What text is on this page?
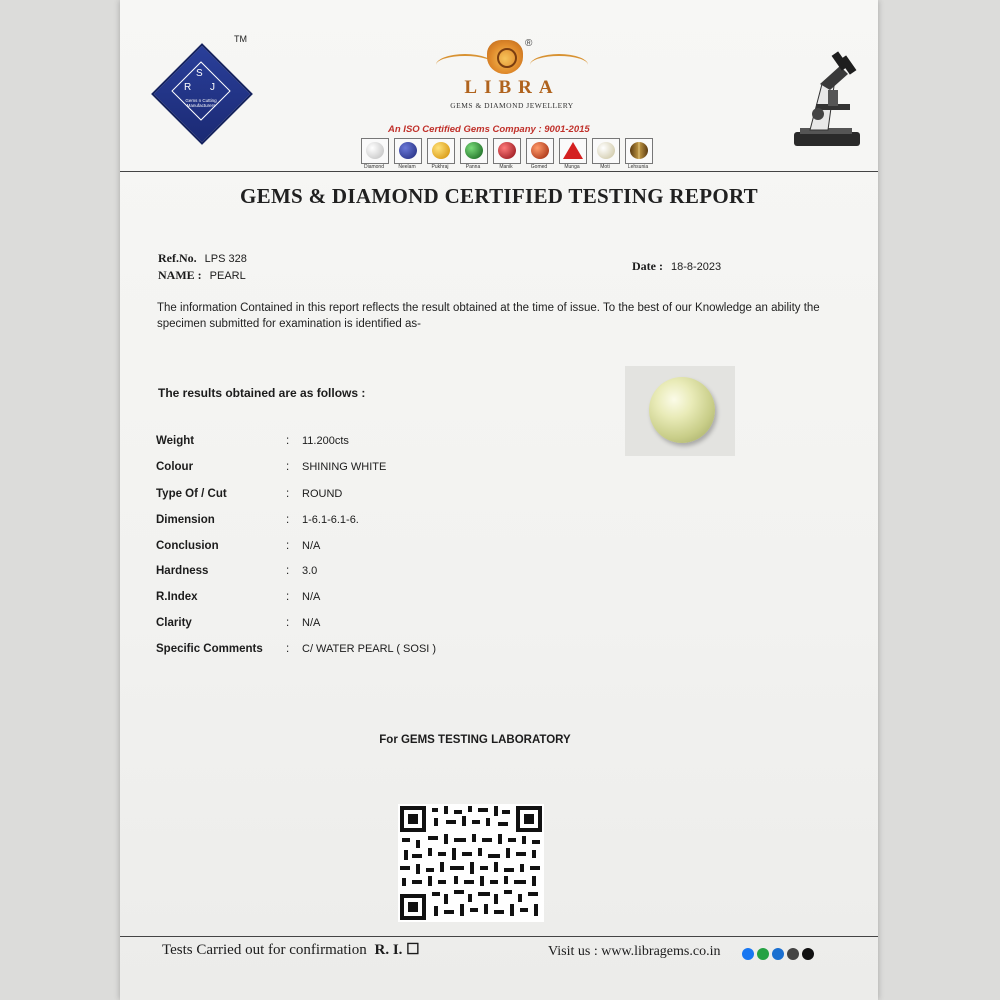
S
R J
TM
Gems n Cutting Manufacturers
®
LIBRA
GEMS & DIAMOND JEWELLERY
An ISO Certified Gems Company : 9001-2015
Diamond	Neelam	Pukhraj	Panna	Manik	Gomed	Munga	Moti	Lehsunia
GEMS & DIAMOND CERTIFIED TESTING REPORT
Ref.No. LPS 328
NAME : PEARL
Date : 18-8-2023
The information Contained in this report reflects the result obtained at the time of issue. To the best of our Knowledge an ability the specimen submitted for examination is identified as-
The results obtained are as follows :
Weight	: 11.200cts
Colour	: SHINING WHITE
Type Of / Cut	: ROUND
Dimension	: 1-6.1-6.1-6.
Conclusion	: N/A
Hardness	: 3.0
R.Index	: N/A
Clarity	: N/A
Specific Comments : C/ WATER PEARL ( SOSI )
For GEMS TESTING LABORATORY
Tests Carried out for confirmation R. I. ☐	Visit us : www.libragems.co.in
